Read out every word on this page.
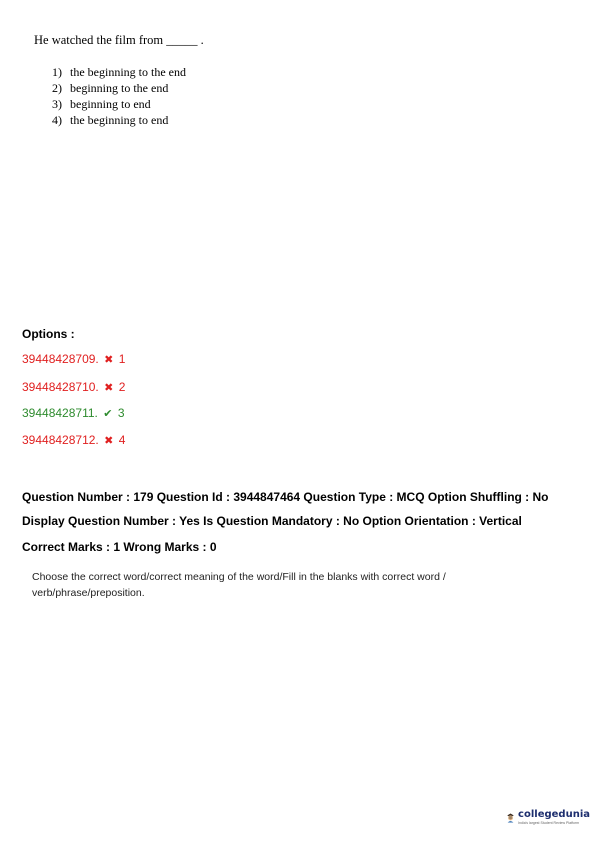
He watched the film from _____ .
1) the beginning to the end
2) beginning to the end
3) beginning to end
4) the beginning to end
Options :
39448428709. ✖ 1
39448428710. ✖ 2
39448428711. ✔ 3
39448428712. ✖ 4
Question Number : 179 Question Id : 3944847464 Question Type : MCQ Option Shuffling : No
Display Question Number : Yes Is Question Mandatory : No Option Orientation : Vertical
Correct Marks : 1 Wrong Marks : 0
Choose the correct word/correct meaning of the word/Fill in the blanks with correct word / verb/phrase/preposition.
collegedunia
India's largest Student Review Platform
